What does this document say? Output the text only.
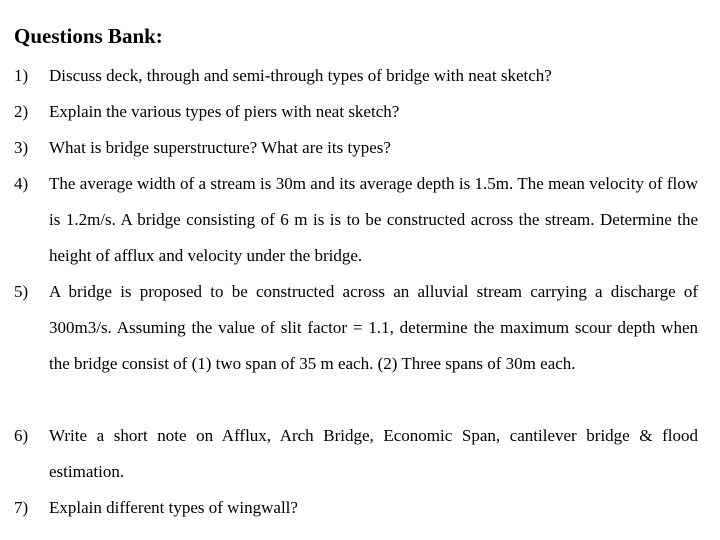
Questions Bank:
1)	Discuss deck, through and semi-through types of bridge with neat sketch?
2)	Explain the various types of piers with neat sketch?
3)	What is bridge superstructure? What are its types?
4)	The average width of a stream is 30m and its average depth is 1.5m. The mean velocity of flow is 1.2m/s. A bridge consisting of 6 m is is to be constructed across the stream. Determine the height of afflux and velocity under the bridge.
5)	A bridge is proposed to be constructed across an alluvial stream carrying a discharge of 300m3/s. Assuming the value of slit factor = 1.1, determine the maximum scour depth when the bridge consist of (1) two span of 35 m each. (2) Three spans of 30m each.
6)	Write a short note on Afflux, Arch Bridge, Economic Span, cantilever bridge & flood estimation.
7)	Explain different types of wingwall?
